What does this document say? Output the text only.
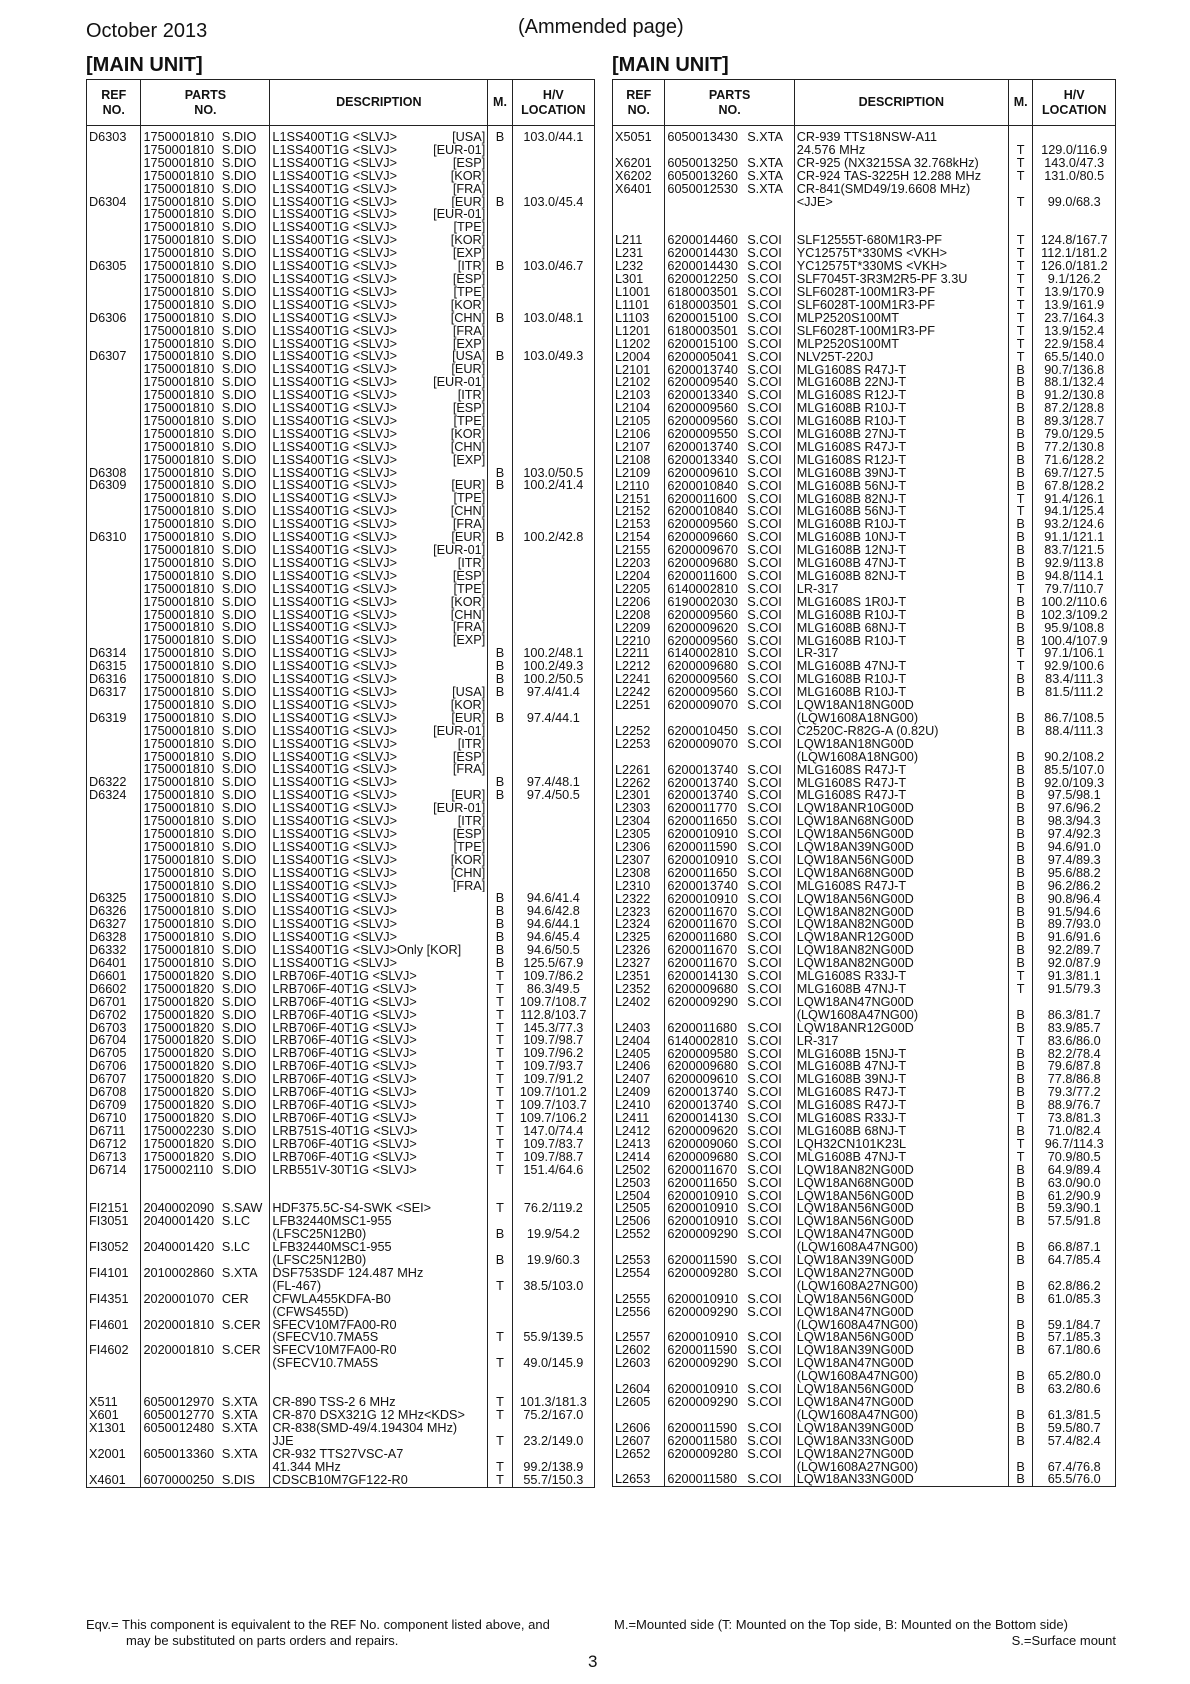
October 2013	(Ammended page)
[MAIN UNIT]	[MAIN UNIT]
REF
NO.	PARTS
NO.		DESCRIPTION	M.	H/V
LOCATION
D6303	1750001810	S.DIO	L1SS400T1G <SLVJ> [USA]	B	103.0/44.1
	1750001810	S.DIO	L1SS400T1G <SLVJ> [EUR-01]		

	1750001810	S.DIO	L1SS400T1G <SLVJ> [ESP]		

	1750001810	S.DIO	L1SS400T1G <SLVJ> [KOR]		

	1750001810	S.DIO	L1SS400T1G <SLVJ> [FRA]		

D6304	1750001810	S.DIO	L1SS400T1G <SLVJ> [EUR]	B	103.0/45.4
	1750001810	S.DIO	L1SS400T1G <SLVJ> [EUR-01]		

	1750001810	S.DIO	L1SS400T1G <SLVJ> [TPE]		

	1750001810	S.DIO	L1SS400T1G <SLVJ> [KOR]		

	1750001810	S.DIO	L1SS400T1G <SLVJ> [EXP]		

D6305	1750001810	S.DIO	L1SS400T1G <SLVJ> [ITR]	B	103.0/46.7
	1750001810	S.DIO	L1SS400T1G <SLVJ> [ESP]		

	1750001810	S.DIO	L1SS400T1G <SLVJ> [TPE]		

	1750001810	S.DIO	L1SS400T1G <SLVJ> [KOR]		

D6306	1750001810	S.DIO	L1SS400T1G <SLVJ> [CHN]	B	103.0/48.1
	1750001810	S.DIO	L1SS400T1G <SLVJ> [FRA]		

	1750001810	S.DIO	L1SS400T1G <SLVJ> [EXP]		

D6307	1750001810	S.DIO	L1SS400T1G <SLVJ> [USA]	B	103.0/49.3
	1750001810	S.DIO	L1SS400T1G <SLVJ> [EUR]		

	1750001810	S.DIO	L1SS400T1G <SLVJ> [EUR-01]		

	1750001810	S.DIO	L1SS400T1G <SLVJ> [ITR]		

	1750001810	S.DIO	L1SS400T1G <SLVJ> [ESP]		

	1750001810	S.DIO	L1SS400T1G <SLVJ> [TPE]		

	1750001810	S.DIO	L1SS400T1G <SLVJ> [KOR]		

	1750001810	S.DIO	L1SS400T1G <SLVJ> [CHN]		

	1750001810	S.DIO	L1SS400T1G <SLVJ> [EXP]		

D6308	1750001810	S.DIO	L1SS400T1G <SLVJ>	B	103.0/50.5
D6309	1750001810	S.DIO	L1SS400T1G <SLVJ> [EUR]	B	100.2/41.4
	1750001810	S.DIO	L1SS400T1G <SLVJ> [TPE]		

	1750001810	S.DIO	L1SS400T1G <SLVJ> [CHN]		

	1750001810	S.DIO	L1SS400T1G <SLVJ> [FRA]		

D6310	1750001810	S.DIO	L1SS400T1G <SLVJ> [EUR]	B	100.2/42.8
	1750001810	S.DIO	L1SS400T1G <SLVJ> [EUR-01]		

	1750001810	S.DIO	L1SS400T1G <SLVJ> [ITR]		

	1750001810	S.DIO	L1SS400T1G <SLVJ> [ESP]		

	1750001810	S.DIO	L1SS400T1G <SLVJ> [TPE]		

	1750001810	S.DIO	L1SS400T1G <SLVJ> [KOR]		

	1750001810	S.DIO	L1SS400T1G <SLVJ> [CHN]		

	1750001810	S.DIO	L1SS400T1G <SLVJ> [FRA]		

	1750001810	S.DIO	L1SS400T1G <SLVJ> [EXP]		

D6314	1750001810	S.DIO	L1SS400T1G <SLVJ>	B	100.2/48.1
D6315	1750001810	S.DIO	L1SS400T1G <SLVJ>	B	100.2/49.3
D6316	1750001810	S.DIO	L1SS400T1G <SLVJ>	B	100.2/50.5
D6317	1750001810	S.DIO	L1SS400T1G <SLVJ> [USA]	B	97.4/41.4
	1750001810	S.DIO	L1SS400T1G <SLVJ> [KOR]		

D6319	1750001810	S.DIO	L1SS400T1G <SLVJ> [EUR]	B	97.4/44.1
	1750001810	S.DIO	L1SS400T1G <SLVJ> [EUR-01]		

	1750001810	S.DIO	L1SS400T1G <SLVJ> [ITR]		

	1750001810	S.DIO	L1SS400T1G <SLVJ> [ESP]		

	1750001810	S.DIO	L1SS400T1G <SLVJ> [FRA]		

D6322	1750001810	S.DIO	L1SS400T1G <SLVJ>	B	97.4/48.1
D6324	1750001810	S.DIO	L1SS400T1G <SLVJ> [EUR]	B	97.4/50.5
	1750001810	S.DIO	L1SS400T1G <SLVJ> [EUR-01]		

	1750001810	S.DIO	L1SS400T1G <SLVJ> [ITR]		

	1750001810	S.DIO	L1SS400T1G <SLVJ> [ESP]		

	1750001810	S.DIO	L1SS400T1G <SLVJ> [TPE]		

	1750001810	S.DIO	L1SS400T1G <SLVJ> [KOR]		

	1750001810	S.DIO	L1SS400T1G <SLVJ> [CHN]		

	1750001810	S.DIO	L1SS400T1G <SLVJ> [FRA]		

D6325	1750001810	S.DIO	L1SS400T1G <SLVJ>	B	94.6/41.4
D6326	1750001810	S.DIO	L1SS400T1G <SLVJ>	B	94.6/42.8
D6327	1750001810	S.DIO	L1SS400T1G <SLVJ>	B	94.6/44.1
D6328	1750001810	S.DIO	L1SS400T1G <SLVJ>	B	94.6/45.4
D6332	1750001810	S.DIO	L1SS400T1G <SLVJ>Only [KOR]	B	94.6/50.5
D6401	1750001810	S.DIO	L1SS400T1G <SLVJ>	B	125.5/67.9
D6601	1750001820	S.DIO	LRB706F-40T1G <SLVJ>	T	109.7/86.2
D6602	1750001820	S.DIO	LRB706F-40T1G <SLVJ>	T	86.3/49.5
D6701	1750001820	S.DIO	LRB706F-40T1G <SLVJ>	T	109.7/108.7
D6702	1750001820	S.DIO	LRB706F-40T1G <SLVJ>	T	112.8/103.7
D6703	1750001820	S.DIO	LRB706F-40T1G <SLVJ>	T	145.3/77.3
D6704	1750001820	S.DIO	LRB706F-40T1G <SLVJ>	T	109.7/98.7
D6705	1750001820	S.DIO	LRB706F-40T1G <SLVJ>	T	109.7/96.2
D6706	1750001820	S.DIO	LRB706F-40T1G <SLVJ>	T	109.7/93.7
D6707	1750001820	S.DIO	LRB706F-40T1G <SLVJ>	T	109.7/91.2
D6708	1750001820	S.DIO	LRB706F-40T1G <SLVJ>	T	109.7/101.2
D6709	1750001820	S.DIO	LRB706F-40T1G <SLVJ>	T	109.7/103.7
D6710	1750001820	S.DIO	LRB706F-40T1G <SLVJ>	T	109.7/106.2
D6711	1750002230	S.DIO	LRB751S-40T1G <SLVJ>	T	147.0/74.4
D6712	1750001820	S.DIO	LRB706F-40T1G <SLVJ>	T	109.7/83.7
D6713	1750001820	S.DIO	LRB706F-40T1G <SLVJ>	T	109.7/88.7
D6714	1750002110	S.DIO	LRB551V-30T1G <SLVJ>	T	151.4/64.6

FI2151	2040002090	S.SAW	HDF375.5C-S4-SWK <SEI>	T	76.2/119.2
FI3051	2040001420	S.LC	LFB32440MSC1-955

			(LFSC25N12B0)	B	19.9/54.2
FI3052	2040001420	S.LC	LFB32440MSC1-955

			(LFSC25N12B0)	B	19.9/60.3
FI4101	2010002860	S.XTA	DSF753SDF 124.487 MHz

			(FL-467)	T	38.5/103.0
FI4351	2020001070	CER	CFWLA455KDFA-B0

			(CFWS455D)

FI4601	2020001810	S.CER	SFECV10M7FA00-R0

			(SFECV10.7MA5S	T	55.9/139.5
FI4602	2020001810	S.CER	SFECV10M7FA00-R0

			(SFECV10.7MA5S	T	49.0/145.9

X511	6050012970	S.XTA	CR-890 TSS-2 6 MHz	T	101.3/181.3
X601	6050012770	S.XTA	CR-870 DSX321G 12 MHz<KDS>	T	75.2/167.0
X1301	6050012480	S.XTA	CR-838(SMD-49/4.194304 MHz)

			JJE	T	23.2/149.0
X2001	6050013360	S.XTA	CR-932 TTS27VSC-A7

			41.344 MHz	T	99.2/138.9
X4601	6070000250	S.DIS	CDSCB10M7GF122-R0	T	55.7/150.3
REF
NO.	PARTS
NO.		DESCRIPTION	M.	H/V
LOCATION
X5051	6050013430	S.XTA	CR-939 TTS18NSW-A11		
			24.576 MHz	T	129.0/116.9
X6201	6050013250	S.XTA	CR-925 (NX3215SA 32.768kHz)	T	143.0/47.3
X6202	6050013260	S.XTA	CR-924 TAS-3225H 12.288 MHz	T	131.0/80.5
X6401	6050012530	S.XTA	CR-841(SMD49/19.6608 MHz)		
			<JJE>	T	99.0/68.3

L211	6200014460	S.COI	SLF12555T-680M1R3-PF	T	124.8/167.7
L231	6200014430	S.COI	YC12575T*330MS <VKH>	T	112.1/181.2
L232	6200014430	S.COI	YC12575T*330MS <VKH>	T	126.0/181.2
L301	6200012250	S.COI	SLF7045T-3R3M2R5-PF 3.3U	T	9.1/126.2
L1001	6180003501	S.COI	SLF6028T-100M1R3-PF	T	13.9/170.9
L1101	6180003501	S.COI	SLF6028T-100M1R3-PF	T	13.9/161.9
L1103	6200015100	S.COI	MLP2520S100MT	T	23.7/164.3
L1201	6180003501	S.COI	SLF6028T-100M1R3-PF	T	13.9/152.4
L1202	6200015100	S.COI	MLP2520S100MT	T	22.9/158.4
L2004	6200005041	S.COI	NLV25T-220J	T	65.5/140.0
L2101	6200013740	S.COI	MLG1608S R47J-T	B	90.7/136.8
L2102	6200009540	S.COI	MLG1608B 22NJ-T	B	88.1/132.4
L2103	6200013340	S.COI	MLG1608S R12J-T	B	91.2/130.8
L2104	6200009560	S.COI	MLG1608B R10J-T	B	87.2/128.8
L2105	6200009560	S.COI	MLG1608B R10J-T	B	89.3/128.7
L2106	6200009550	S.COI	MLG1608B 27NJ-T	B	79.0/129.5
L2107	6200013740	S.COI	MLG1608S R47J-T	B	77.2/130.8
L2108	6200013340	S.COI	MLG1608S R12J-T	B	71.6/128.2
L2109	6200009610	S.COI	MLG1608B 39NJ-T	B	69.7/127.5
L2110	6200010840	S.COI	MLG1608B 56NJ-T	B	67.8/128.2
L2151	6200011600	S.COI	MLG1608B 82NJ-T	T	91.4/126.1
L2152	6200010840	S.COI	MLG1608B 56NJ-T	T	94.1/125.4
L2153	6200009560	S.COI	MLG1608B R10J-T	B	93.2/124.6
L2154	6200009660	S.COI	MLG1608B 10NJ-T	B	91.1/121.1
L2155	6200009670	S.COI	MLG1608B 12NJ-T	B	83.7/121.5
L2203	6200009680	S.COI	MLG1608B 47NJ-T	B	92.9/113.8
L2204	6200011600	S.COI	MLG1608B 82NJ-T	B	94.8/114.1
L2205	6140002810	S.COI	LR-317	T	79.7/110.7
L2206	6190002030	S.COI	MLG1608S 1R0J-T	B	100.2/110.6
L2208	6200009560	S.COI	MLG1608B R10J-T	B	102.3/109.2
L2209	6200009620	S.COI	MLG1608B 68NJ-T	B	95.9/108.8
L2210	6200009560	S.COI	MLG1608B R10J-T	B	100.4/107.9
L2211	6140002810	S.COI	LR-317	T	97.1/106.1
L2212	6200009680	S.COI	MLG1608B 47NJ-T	T	92.9/100.6
L2241	6200009560	S.COI	MLG1608B R10J-T	B	83.4/111.3
L2242	6200009560	S.COI	MLG1608B R10J-T	B	81.5/111.2
L2251	6200009070	S.COI	LQW18AN18NG00D		
			(LQW1608A18NG00)	B	86.7/108.5
L2252	6200010450	S.COI	C2520C-R82G-A (0.82U)	B	88.4/111.3
L2253	6200009070	S.COI	LQW18AN18NG00D		
			(LQW1608A18NG00)	B	90.2/108.2
L2261	6200013740	S.COI	MLG1608S R47J-T	B	85.5/107.0
L2262	6200013740	S.COI	MLG1608S R47J-T	B	92.0/109.3
L2301	6200013740	S.COI	MLG1608S R47J-T	B	97.5/98.1
L2303	6200011770	S.COI	LQW18ANR10G00D	B	97.6/96.2
L2304	6200011650	S.COI	LQW18AN68NG00D	B	98.3/94.3
L2305	6200010910	S.COI	LQW18AN56NG00D	B	97.4/92.3
L2306	6200011590	S.COI	LQW18AN39NG00D	B	94.6/91.0
L2307	6200010910	S.COI	LQW18AN56NG00D	B	97.4/89.3
L2308	6200011650	S.COI	LQW18AN68NG00D	B	95.6/88.2
L2310	6200013740	S.COI	MLG1608S R47J-T	B	96.2/86.2
L2322	6200010910	S.COI	LQW18AN56NG00D	B	90.8/96.4
L2323	6200011670	S.COI	LQW18AN82NG00D	B	91.5/94.6
L2324	6200011670	S.COI	LQW18AN82NG00D	B	89.7/93.0
L2325	6200011680	S.COI	LQW18ANR12G00D	B	91.6/91.6
L2326	6200011670	S.COI	LQW18AN82NG00D	B	92.2/89.7
L2327	6200011670	S.COI	LQW18AN82NG00D	B	92.0/87.9
L2351	6200014130	S.COI	MLG1608S R33J-T	T	91.3/81.1
L2352	6200009680	S.COI	MLG1608B 47NJ-T	T	91.5/79.3
L2402	6200009290	S.COI	LQW18AN47NG00D		
			(LQW1608A47NG00)	B	86.3/81.7
L2403	6200011680	S.COI	LQW18ANR12G00D	B	83.9/85.7
L2404	6140002810	S.COI	LR-317	T	83.6/86.0
L2405	6200009580	S.COI	MLG1608B 15NJ-T	B	82.2/78.4
L2406	6200009680	S.COI	MLG1608B 47NJ-T	B	79.6/87.8
L2407	6200009610	S.COI	MLG1608B 39NJ-T	B	77.8/86.8
L2409	6200013740	S.COI	MLG1608S R47J-T	B	79.3/77.2
L2410	6200013740	S.COI	MLG1608S R47J-T	B	88.9/76.7
L2411	6200014130	S.COI	MLG1608S R33J-T	T	73.8/81.3
L2412	6200009620	S.COI	MLG1608B 68NJ-T	B	71.0/82.4
L2413	6200009060	S.COI	LQH32CN101K23L	T	96.7/114.3
L2414	6200009680	S.COI	MLG1608B 47NJ-T	T	70.9/80.5
L2502	6200011670	S.COI	LQW18AN82NG00D	B	64.9/89.4
L2503	6200011650	S.COI	LQW18AN68NG00D	B	63.0/90.0
L2504	6200010910	S.COI	LQW18AN56NG00D	B	61.2/90.9
L2505	6200010910	S.COI	LQW18AN56NG00D	B	59.3/90.1
L2506	6200010910	S.COI	LQW18AN56NG00D	B	57.5/91.8
L2552	6200009290	S.COI	LQW18AN47NG00D		
			(LQW1608A47NG00)	B	66.8/87.1
L2553	6200011590	S.COI	LQW18AN39NG00D	B	64.7/85.4
L2554	6200009280	S.COI	LQW18AN27NG00D		
			(LQW1608A27NG00)	B	62.8/86.2
L2555	6200010910	S.COI	LQW18AN56NG00D	B	61.0/85.3
L2556	6200009290	S.COI	LQW18AN47NG00D		
			(LQW1608A47NG00)	B	59.1/84.7
L2557	6200010910	S.COI	LQW18AN56NG00D	B	57.1/85.3
L2602	6200011590	S.COI	LQW18AN39NG00D	B	67.1/80.6
L2603	6200009290	S.COI	LQW18AN47NG00D		
			(LQW1608A47NG00)	B	65.2/80.0
L2604	6200010910	S.COI	LQW18AN56NG00D	B	63.2/80.6
L2605	6200009290	S.COI	LQW18AN47NG00D		
			(LQW1608A47NG00)	B	61.3/81.5
L2606	6200011590	S.COI	LQW18AN39NG00D	B	59.5/80.7
L2607	6200011580	S.COI	LQW18AN33NG00D	B	57.4/82.4
L2652	6200009280	S.COI	LQW18AN27NG00D		
			(LQW1608A27NG00)	B	67.4/76.8
L2653	6200011580	S.COI	LQW18AN33NG00D	B	65.5/76.0
Eqv.= This component is equivalent to the REF No. component listed above, and
may be substituted on parts orders and repairs.
M.=Mounted side (T: Mounted on the Top side, B: Mounted on the Bottom side)
S.=Surface mount
3
